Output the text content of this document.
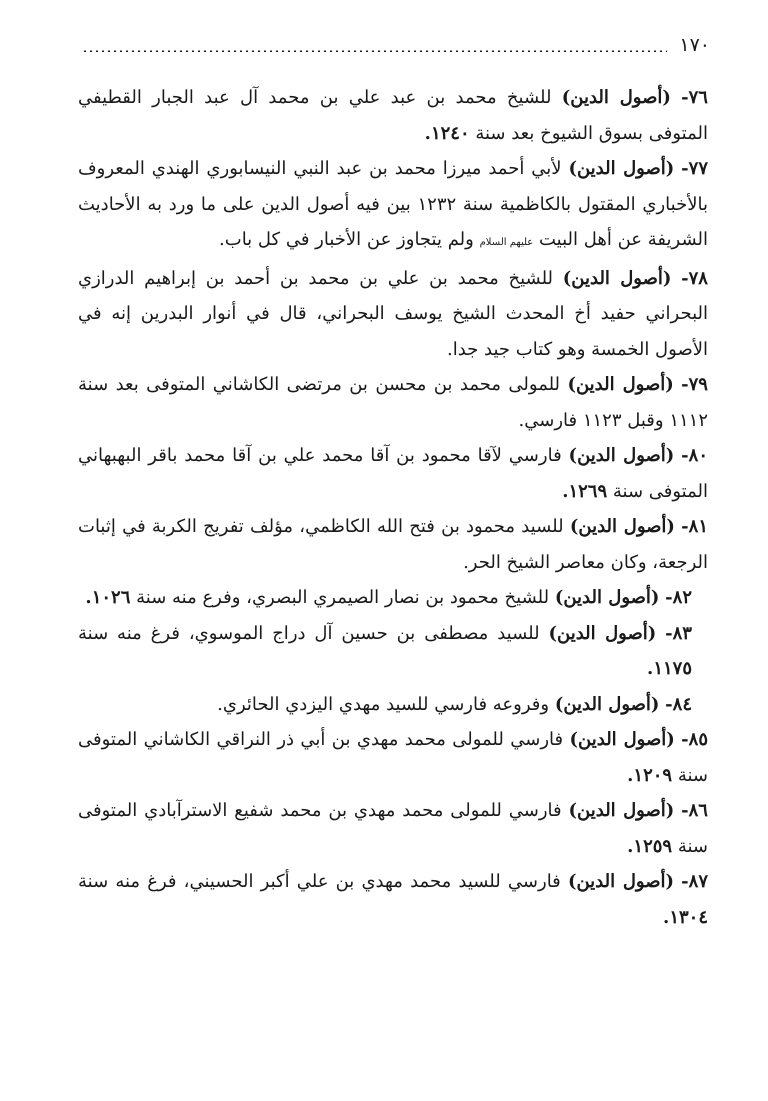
١٧٠

٧٦- (أصول الدين) للشيخ محمد بن عبد علي بن محمد آل عبد الجبار القطيفي المتوفى بسوق الشيوخ بعد سنة ١٢٤٠.

٧٧- (أصول الدين) لأبي أحمد ميرزا محمد بن عبد النبي النيسابوري الهندي المعروف بالأخباري المقتول بالكاظمية سنة ١٢٣٢ بين فيه أصول الدين على ما ورد به الأحاديث الشريفة عن أهل البيت عليهم السلام ولم يتجاوز عن الأخبار في كل باب.

٧٨- (أصول الدين) للشيخ محمد بن علي بن محمد بن أحمد بن إبراهيم الدرازي البحراني حفيد أخ المحدث الشيخ يوسف البحراني، قال في أنوار البدرين إنه في الأصول الخمسة وهو كتاب جيد جدا.

٧٩- (أصول الدين) للمولى محمد بن محسن بن مرتضى الكاشاني المتوفى بعد سنة ١١١٢ وقبل ١١٢٣ فارسي.

٨٠- (أصول الدين) فارسي لآقا محمود بن آقا محمد علي بن آقا محمد باقر البهبهاني المتوفى سنة ١٢٦٩.

٨١- (أصول الدين) للسيد محمود بن فتح الله الكاظمي، مؤلف تفريج الكربة في إثبات الرجعة، وكان معاصر الشيخ الحر.

٨٢- (أصول الدين) للشيخ محمود بن نصار الصيمري البصري، وفرع منه سنة ١٠٢٦.

٨٣- (أصول الدين) للسيد مصطفى بن حسين آل دراج الموسوي، فرغ منه سنة ١١٧٥.

٨٤- (أصول الدين) وفروعه فارسي للسيد مهدي اليزدي الحائري.

٨٥- (أصول الدين) فارسي للمولى محمد مهدي بن أبي ذر النراقي الكاشاني المتوفى سنة ١٢٠٩.

٨٦- (أصول الدين) فارسي للمولى محمد مهدي بن محمد شفيع الاسترآبادي المتوفى سنة ١٢٥٩.

٨٧- (أصول الدين) فارسي للسيد محمد مهدي بن علي أكبر الحسيني، فرغ منه سنة ١٣٠٤.
